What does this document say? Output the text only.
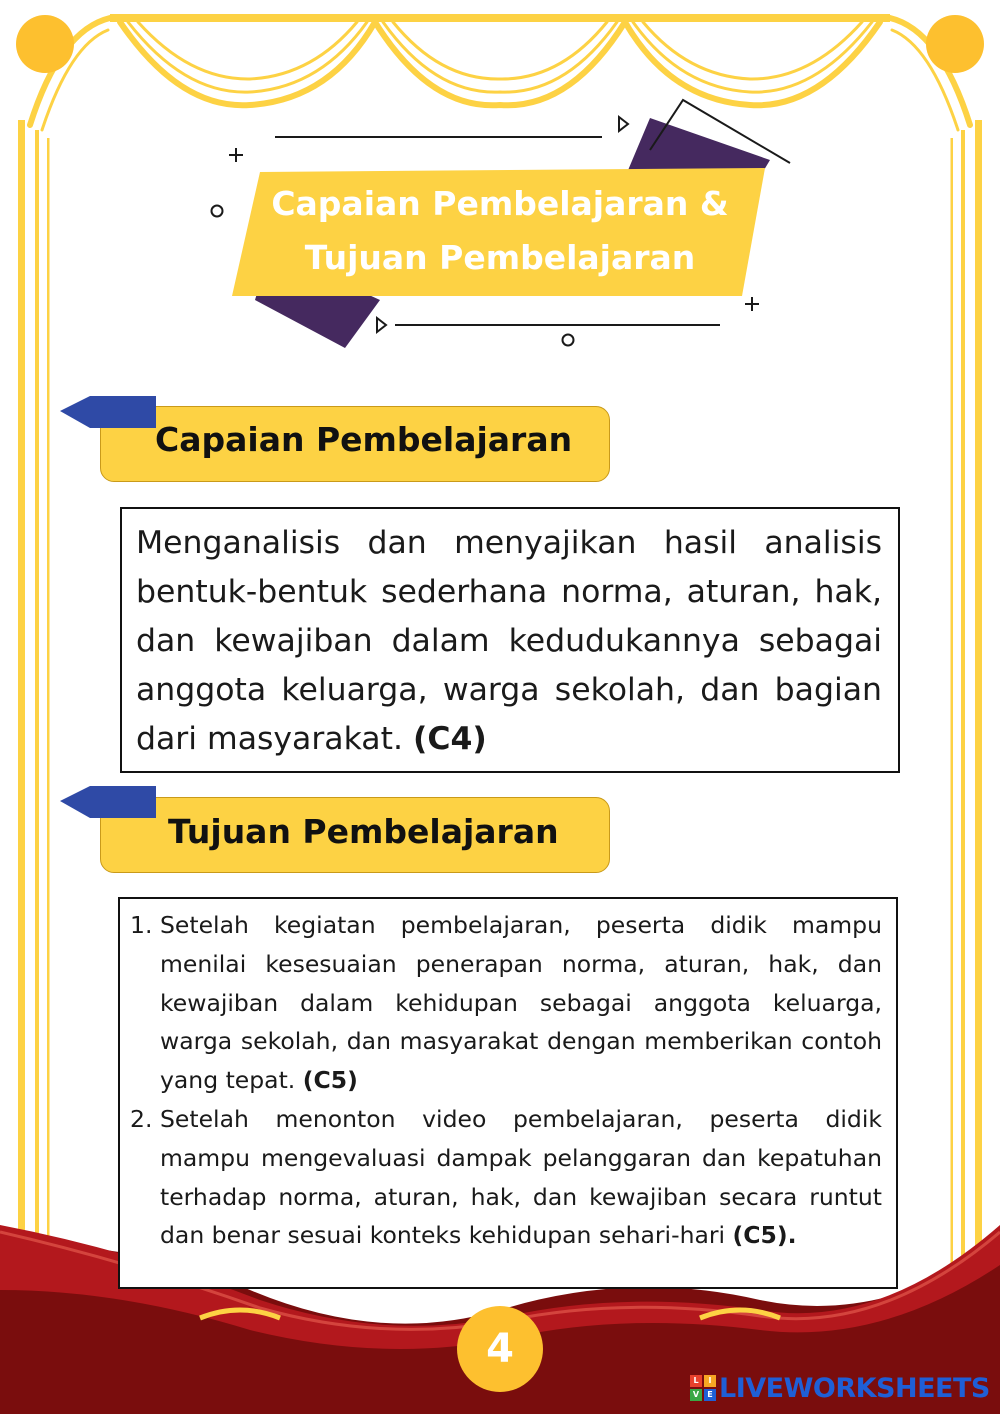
Capaian Pembelajaran &
Tujuan Pembelajaran
Capaian Pembelajaran
Menganalisis dan menyajikan hasil analisis bentuk-bentuk sederhana norma, aturan, hak, dan kewajiban dalam kedudukannya sebagai anggota keluarga, warga sekolah, dan bagian dari masyarakat. (C4)
Tujuan Pembelajaran
1. Setelah kegiatan pembelajaran, peserta didik mampu menilai kesesuaian penerapan norma, aturan, hak, dan kewajiban dalam kehidupan sebagai anggota keluarga, warga sekolah, dan masyarakat dengan memberikan contoh yang tepat. (C5)
2. Setelah menonton video pembelajaran, peserta didik mampu mengevaluasi dampak pelanggaran dan kepatuhan terhadap norma, aturan, hak, dan kewajiban secara runtut dan benar sesuai konteks kehidupan sehari-hari (C5).
4
L	I
V	E LIVEWORKSHEETS
